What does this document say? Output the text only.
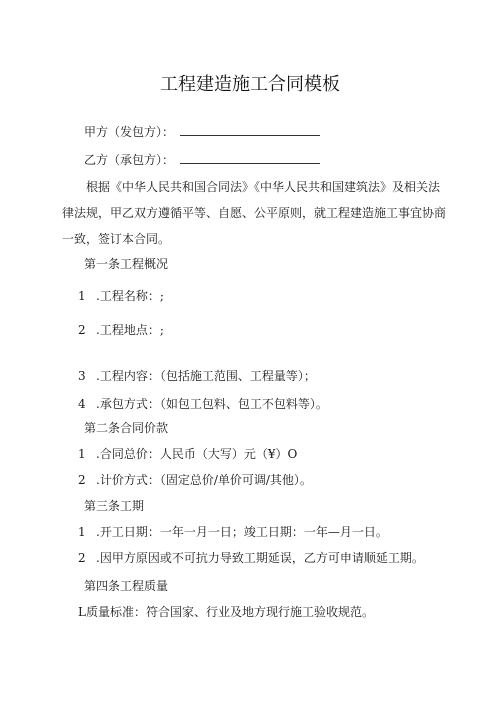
工程建造施工合同模板
甲方（发包方）：
乙方（承包方）：
根据《中华人民共和国合同法》《中华人民共和国建筑法》及相关法律法规，甲乙双方遵循平等、自愿、公平原则，就工程建造施工事宜协商一致，签订本合同。
第一条工程概况
1 .工程名称：;
2 .工程地点：;
3 .工程内容：（包括施工范围、工程量等）；
4 .承包方式：（如包工包料、包工不包料等）。
第二条合同价款
1 .合同总价：人民币（大写）元（¥）O
2 .计价方式：（固定总价/单价可调/其他）。
第三条工期
1 .开工日期：一年一月一日；竣工日期：一年—月一日。
2 .因甲方原因或不可抗力导致工期延误，乙方可申请顺延工期。
第四条工程质量
L质量标准：符合国家、行业及地方现行施工验收规范。
